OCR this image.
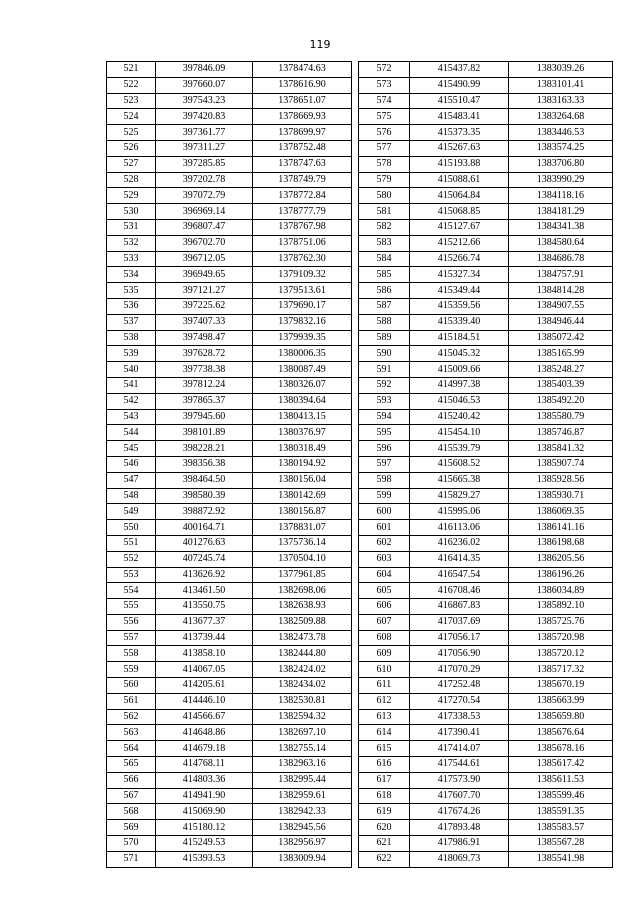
119
521	397846.09	1378474.63
522	397660.07	1378616.90
523	397543.23	1378651.07
524	397420.83	1378669.93
525	397361.77	1378699.97
526	397311.27	1378752.48
527	397285.85	1378747.63
528	397202.78	1378749.79
529	397072.79	1378772.84
530	396969.14	1378777.79
531	396807.47	1378767.98
532	396702.70	1378751.06
533	396712.05	1378762.30
534	396949.65	1379109.32
535	397121.27	1379513.61
536	397225.62	1379690.17
537	397407.33	1379832.16
538	397498.47	1379939.35
539	397628.72	1380006.35
540	397738.38	1380087.49
541	397812.24	1380326.07
542	397865.37	1380394.64
543	397945.60	1380413.15
544	398101.89	1380376.97
545	398228.21	1380318.49
546	398356.38	1380194.92
547	398464.50	1380156.04
548	398580.39	1380142.69
549	398872.92	1380156.87
550	400164.71	1378831.07
551	401276.63	1375736.14
552	407245.74	1370504.10
553	413626.92	1377961.85
554	413461.50	1382698.06
555	413550.75	1382638.93
556	413677.37	1382509.88
557	413739.44	1382473.78
558	413858.10	1382444.80
559	414067.05	1382424.02
560	414205.61	1382434.02
561	414446.10	1382530.81
562	414566.67	1382594.32
563	414648.86	1382697.10
564	414679.18	1382755.14
565	414768.11	1382963.16
566	414803.36	1382995.44
567	414941.90	1382959.61
568	415069.90	1382942.33
569	415180.12	1382945.56
570	415249.53	1382956.97
571	415393.53	1383009.94
572	415437.82	1383039.26
573	415490.99	1383101.41
574	415510.47	1383163.33
575	415483.41	1383264.68
576	415373.35	1383446.53
577	415267.63	1383574.25
578	415193.88	1383706.80
579	415088.61	1383990.29
580	415064.84	1384118.16
581	415068.85	1384181.29
582	415127.67	1384341.38
583	415212.66	1384580.64
584	415266.74	1384686.78
585	415327.34	1384757.91
586	415349.44	1384814.28
587	415359.56	1384907.55
588	415339.40	1384946.44
589	415184.51	1385072.42
590	415045.32	1385165.99
591	415009.66	1385248.27
592	414997.38	1385403.39
593	415046.53	1385492.20
594	415240.42	1385580.79
595	415454.10	1385746.87
596	415539.79	1385841.32
597	415608.52	1385907.74
598	415665.38	1385928.56
599	415829.27	1385930.71
600	415995.06	1386069.35
601	416113.06	1386141.16
602	416236.02	1386198.68
603	416414.35	1386205.56
604	416547.54	1386196.26
605	416708.46	1386034.89
606	416867.83	1385892.10
607	417037.69	1385725.76
608	417056.17	1385720.98
609	417056.90	1385720.12
610	417070.29	1385717.32
611	417252.48	1385670.19
612	417270.54	1385663.99
613	417338.53	1385659.80
614	417390.41	1385676.64
615	417414.07	1385678.16
616	417544.61	1385617.42
617	417573.90	1385611.53
618	417607.70	1385599.46
619	417674.26	1385591.35
620	417893.48	1385583.57
621	417986.91	1385567.28
622	418069.73	1385541.98
